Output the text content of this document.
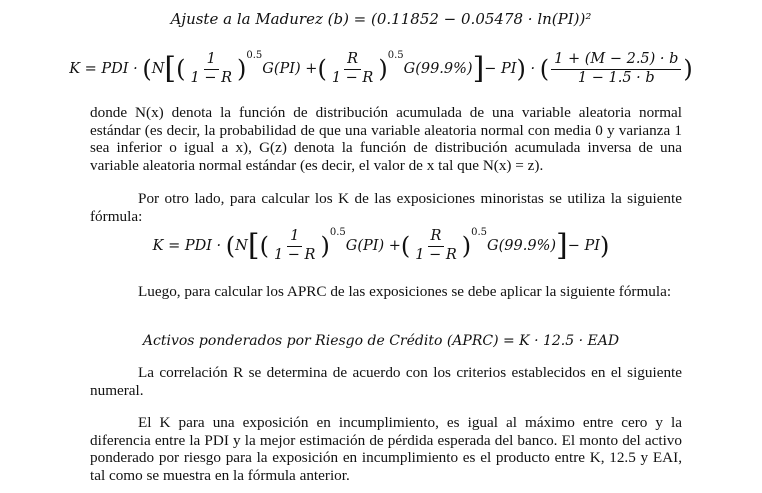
Ajuste a la Madurez (b) = (0.11852 − 0.05478 · ln(PI))²
K = PDI ·
( N [ ( $\frac{1}{1 - R} )^{0.5}$
G(PI) + ( $\frac{R}{1 - R} )^{0.5}$
G(99.9%) ] − PI )
·
( $\frac{1 + (M - 2.5) \cdot b}{1 - 1.5 \cdot b}$ )
donde N(x) denota la función de distribución acumulada de una variable aleatoria normal estándar (es decir, la probabilidad de que una variable aleatoria normal con media 0 y varianza 1 sea inferior o igual a x), G(z) denota la función de distribución acumulada inversa de una variable aleatoria normal estándar (es decir, el valor de x tal que N(x) = z).
Por otro lado, para calcular los K de las exposiciones minoristas se utiliza la siguiente fórmula:
K = PDI ·
( N [ ( $\frac{1}{1 - R} )^{0.5}$
G(PI) + ( $\frac{R}{1 - R} )^{0.5}$
G(99.9%) ] − PI )
Luego, para calcular los APRC de las exposiciones se debe aplicar la siguiente fórmula:
Activos ponderados por Riesgo de Crédito (APRC) = K · 12.5 · EAD
La correlación R se determina de acuerdo con los criterios establecidos en el siguiente numeral.
El K para una exposición en incumplimiento, es igual al máximo entre cero y la diferencia entre la PDI y la mejor estimación de pérdida esperada del banco. El monto del activo ponderado por riesgo para la exposición en incumplimiento es el producto entre K, 12.5 y EAI, tal como se muestra en la fórmula anterior.
